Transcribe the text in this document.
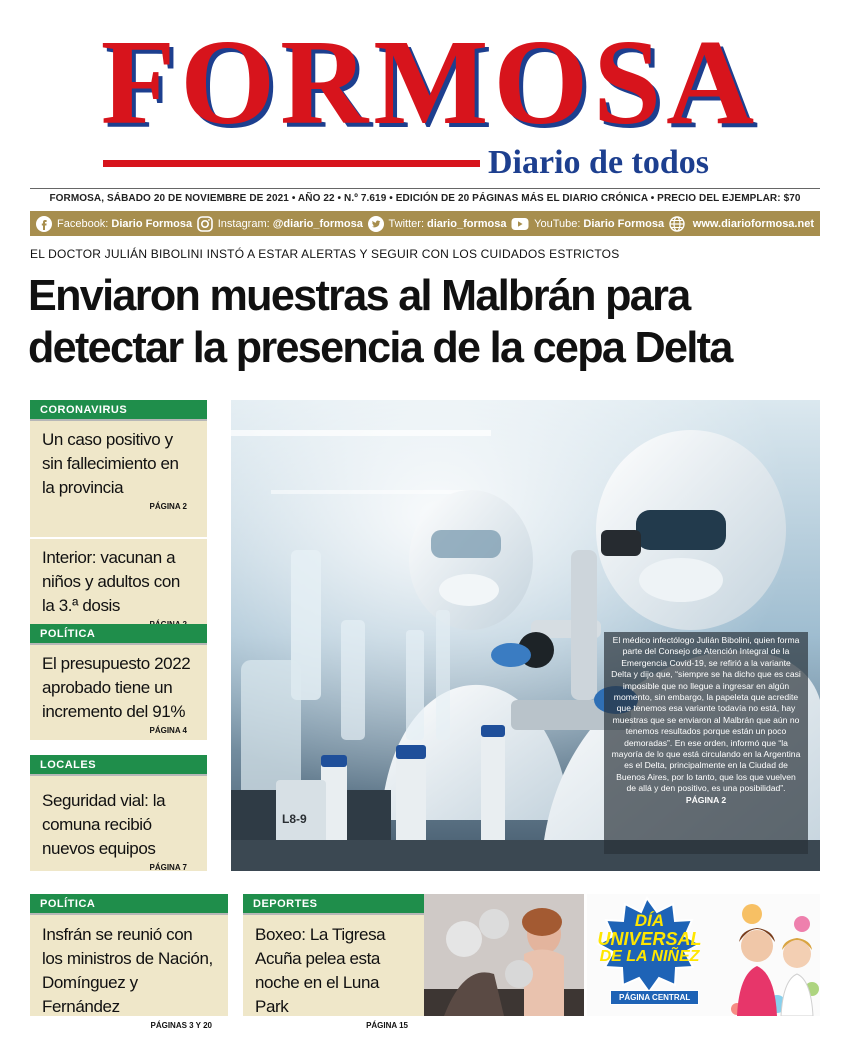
FORMOSA
Diario de todos
FORMOSA, SÁBADO 20 DE NOVIEMBRE DE 2021 • AÑO 22 • N.º 7.619 • EDICIÓN DE 20 PÁGINAS MÁS EL DIARIO CRÓNICA • PRECIO DEL EJEMPLAR: $70
Facebook: Diario Formosa Instagram: @diario_formosa Twitter: diario_formosa	YouTube: Diario Formosa	www.diarioformosa.net
EL DOCTOR JULIÁN BIBOLINI INSTÓ A ESTAR ALERTAS Y SEGUIR CON LOS CUIDADOS ESTRICTOS
Enviaron muestras al Malbrán para
detectar la presencia de la cepa Delta
CORONAVIRUS
Un caso positivo y sin fallecimiento en la provincia
PÁGINA 2
Interior: vacunan a niños y adultos con la 3.ª dosis
POLÍTICA
El presupuesto 2022 aprobado tiene un incremento del 91%
PÁGINA 4
LOCALES
Seguridad vial: la comuna recibió nuevos equipos
PÁGINA 7
L8-9
El médico infectólogo Julián Bibolini, quien forma parte del Consejo de Atención Integral de la Emergencia Covid-19, se refirió a la variante Delta y dijo que, “siempre se ha dicho que es casi imposible que no llegue a ingresar en algún momento, sin embargo, la papeleta que acredite que tenemos esa variante todavía no está, hay muestras que se enviaron al Malbrán que aún no tenemos resultados porque están un poco demoradas”. En ese orden, informó que “la mayoría de lo que está circulando en la Argentina es el Delta, principalmente en la Ciudad de Buenos Aires, por lo tanto, que los que vuelven de allá y den positivo, es una posibilidad”. PÁGINA 2
POLÍTICA
Insfrán se reunió con los ministros de Nación, Domínguez y Fernández
PÁGINAS 3 Y 20
DEPORTES
Boxeo: La Tigresa Acuña pelea esta noche en el Luna Park
PÁGINA 15
DÍA
UNIVERSAL
DE LA NIÑEZ
PÁGINA CENTRAL
